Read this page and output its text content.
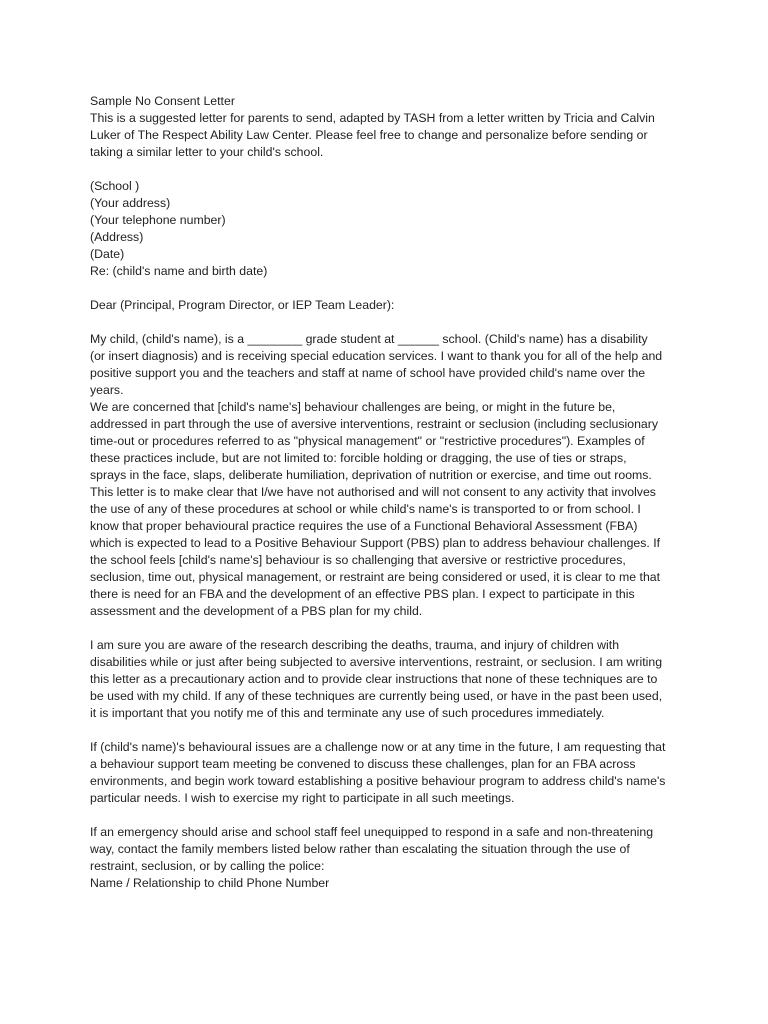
Sample No Consent Letter
This is a suggested letter for parents to send, adapted by TASH from a letter written by Tricia and Calvin
Luker of The Respect Ability Law Center. Please feel free to change and personalize before sending or
taking a similar letter to your child's school.
(School )
(Your address)
(Your telephone number)
(Address)
(Date)
Re: (child's name and birth date)
Dear (Principal, Program Director, or IEP Team Leader):
My child, (child's name), is a ________ grade student at ______ school. (Child's name) has a disability
(or insert diagnosis) and is receiving special education services. I want to thank you for all of the help and
positive support you and the teachers and staff at name of school have provided child's name over the
years.
We are concerned that [child's name's] behaviour challenges are being, or might in the future be,
addressed in part through the use of aversive interventions, restraint or seclusion (including seclusionary
time-out or procedures referred to as "physical management" or "restrictive procedures"). Examples of
these practices include, but are not limited to: forcible holding or dragging, the use of ties or straps,
sprays in the face, slaps, deliberate humiliation, deprivation of nutrition or exercise, and time out rooms.
This letter is to make clear that I/we have not authorised and will not consent to any activity that involves
the use of any of these procedures at school or while child's name's is transported to or from school. I
know that proper behavioural practice requires the use of a Functional Behavioral Assessment (FBA)
which is expected to lead to a Positive Behaviour Support (PBS) plan to address behaviour challenges. If
the school feels [child's name's] behaviour is so challenging that aversive or restrictive procedures,
seclusion, time out, physical management, or restraint are being considered or used, it is clear to me that
there is need for an FBA and the development of an effective PBS plan. I expect to participate in this
assessment and the development of a PBS plan for my child.
I am sure you are aware of the research describing the deaths, trauma, and injury of children with
disabilities while or just after being subjected to aversive interventions, restraint, or seclusion. I am writing
this letter as a precautionary action and to provide clear instructions that none of these techniques are to
be used with my child. If any of these techniques are currently being used, or have in the past been used,
it is important that you notify me of this and terminate any use of such procedures immediately.
If (child's name)'s behavioural issues are a challenge now or at any time in the future, I am requesting that
a behaviour support team meeting be convened to discuss these challenges, plan for an FBA across
environments, and begin work toward establishing a positive behaviour program to address child's name's
particular needs. I wish to exercise my right to participate in all such meetings.
If an emergency should arise and school staff feel unequipped to respond in a safe and non-threatening
way, contact the family members listed below rather than escalating the situation through the use of
restraint, seclusion, or by calling the police:
Name / Relationship to child Phone Number
